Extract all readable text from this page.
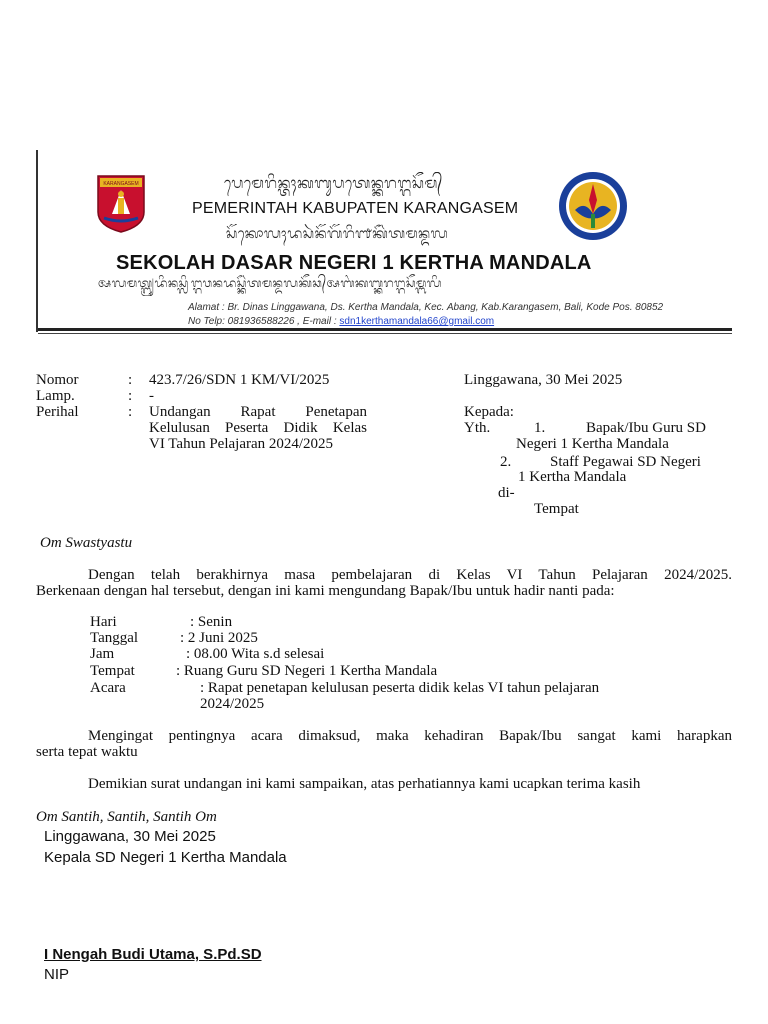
KARANGASEM	ᬧᬾᬫᬾᬭᬶᬦ᭄ᬢᬄᬓᬩᬸᬧᬢᬾᬦ᭄ᬓᬭᬗ᭄ᬕᬲᭂᬫ᭄
PEMERINTAH KABUPATEN KARANGASEM
ᬲᭂᬓᭀᬮᬄᬤᬲᬃᬦᭂᬕᭂᬭᬶ᭑ᬓᭂᬃᬢᬫᬦ᭄ᬤᬮ
SEKOLAH DASAR NEGERI 1 KERTHA MANDALA
ᬅᬮᬫᬢ᭄ᬩᬺᬤᬶᬦᬲ᭄ᬮᬶᬗ᭄ᬕᬯᬦᬤᬲ᭄ᬓᭂᬃᬢᬫᬦ᭄ᬤᬮᬓᭂᬘ᭄ᬅᬩᬂᬓᬩ᭄ᬓᬭᬗ᭄ᬕᬲᭂᬫ᭄ᬩᬮᬶ
Alamat : Br. Dinas Linggawana, Ds. Kertha Mandala, Kec. Abang, Kab.Karangasem, Bali, Kode Pos. 80852
No Telp: 081936588226 , E-mail : sdn1kerthamandala66@gmail.com
Nomor	: 423.7/26/SDN 1 KM/VI/2025
Lamp.	: -
Perihal	: Undangan Rapat Penetapan
Kelulusan Peserta Didik Kelas
VI Tahun Pelajaran 2024/2025
Linggawana, 30 Mei 2025
Kepada:
Yth.	1.	Bapak/Ibu Guru SD
Negeri 1 Kertha Mandala
2.	Staff Pegawai SD Negeri
1 Kertha Mandala
di-
Tempat
Om Swastyastu
Dengan telah berakhirnya masa pembelajaran di Kelas VI Tahun Pelajaran 2024/2025.
Berkenaan dengan hal tersebut, dengan ini kami mengundang Bapak/Ibu untuk hadir nanti pada:
Hari	: Senin
Tanggal	: 2 Juni 2025
Jam	: 08.00 Wita s.d selesai
Tempat	: Ruang Guru SD Negeri 1 Kertha Mandala
Acara	: Rapat penetapan kelulusan peserta didik kelas VI tahun pelajaran
2024/2025
Mengingat pentingnya acara dimaksud, maka kehadiran Bapak/Ibu sangat kami harapkan
serta tepat waktu
Demikian surat undangan ini kami sampaikan, atas perhatiannya kami ucapkan terima kasih
Om Santih, Santih, Santih Om
Linggawana, 30 Mei 2025
Kepala SD Negeri 1 Kertha Mandala
I Nengah Budi Utama, S.Pd.SD
NIP
